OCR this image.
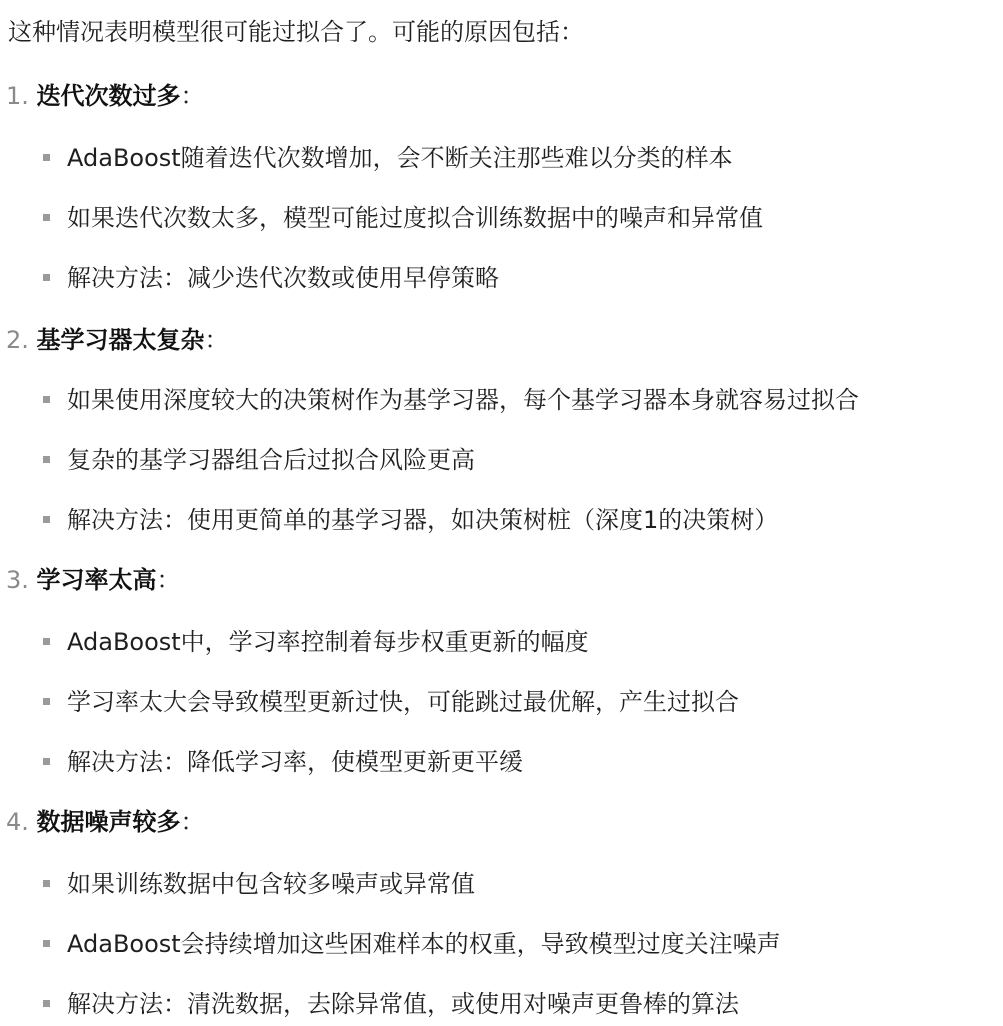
这种情况表明模型很可能过拟合了。可能的原因包括：
1. 迭代次数过多：
AdaBoost随着迭代次数增加，会不断关注那些难以分类的样本
如果迭代次数太多，模型可能过度拟合训练数据中的噪声和异常值
解决方法：减少迭代次数或使用早停策略
2. 基学习器太复杂：
如果使用深度较大的决策树作为基学习器，每个基学习器本身就容易过拟合
复杂的基学习器组合后过拟合风险更高
解决方法：使用更简单的基学习器，如决策树桩（深度1的决策树）
3. 学习率太高：
AdaBoost中，学习率控制着每步权重更新的幅度
学习率太大会导致模型更新过快，可能跳过最优解，产生过拟合
解决方法：降低学习率，使模型更新更平缓
4. 数据噪声较多：
如果训练数据中包含较多噪声或异常值
AdaBoost会持续增加这些困难样本的权重，导致模型过度关注噪声
解决方法：清洗数据，去除异常值，或使用对噪声更鲁棒的算法
